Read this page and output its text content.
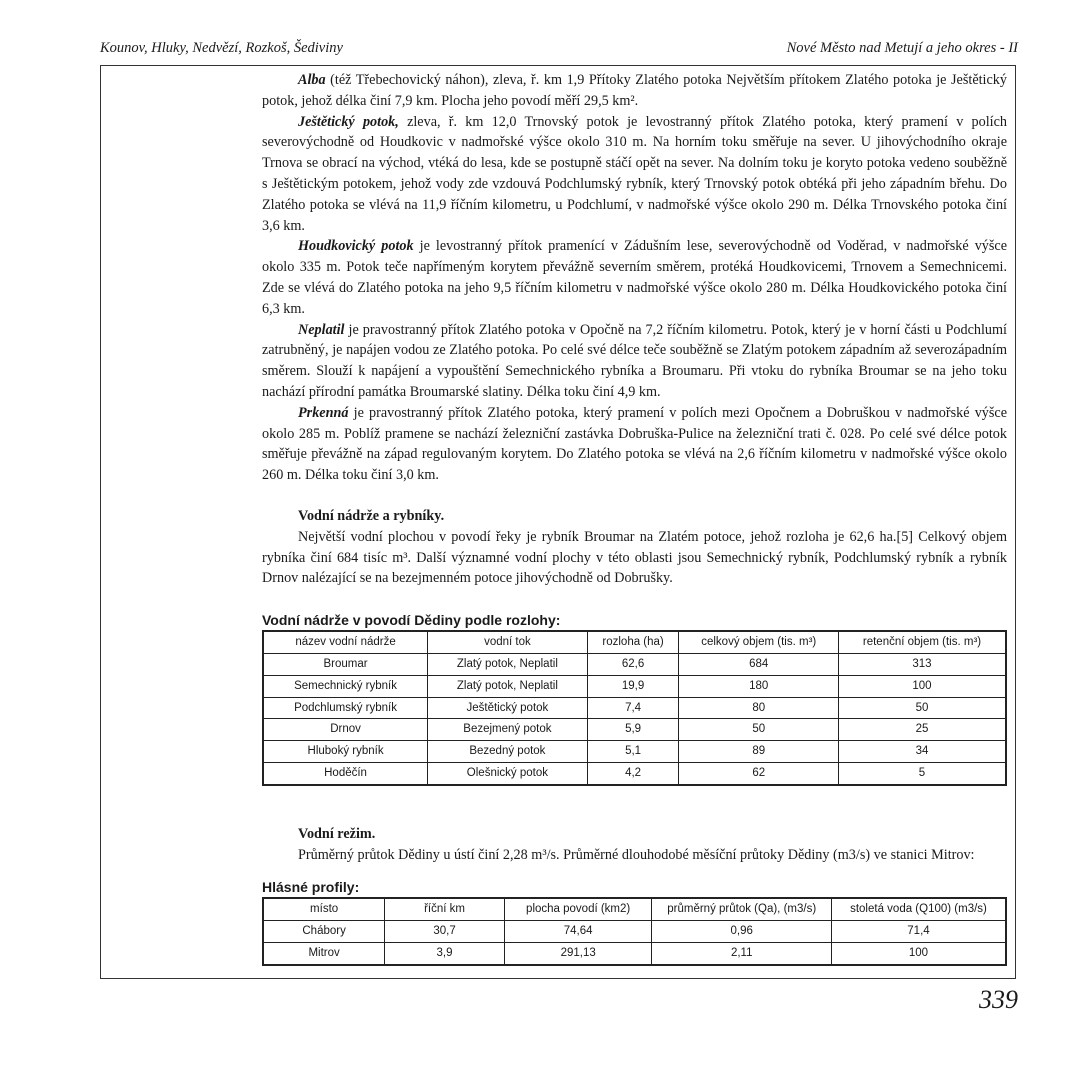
Kounov, Hluky, Nedvězí, Rozkoš, Šediviny	Nové Město nad Metují a jeho okres - II

Alba (též Třebechovický náhon), zleva, ř. km 1,9 Přítoky Zlatého potoka Největším přítokem Zlatého potoka je Ještětický potok, jehož délka činí 7,9 km. Plocha jeho povodí měří 29,5 km².

Ještětický potok, zleva, ř. km 12,0 Trnovský potok je levostranný přítok Zlatého potoka, který pramení v polích severovýchodně od Houdkovic v nadmořské výšce okolo 310 m. Na horním toku směřuje na sever. U jihovýchodního okraje Trnova se obrací na východ, vtéká do lesa, kde se postupně stáčí opět na sever. Na dolním toku je koryto potoka vedeno souběžně s Ještětickým potokem, jehož vody zde vzdouvá Podchlumský rybník, který Trnovský potok obtéká při jeho západním břehu. Do Zlatého potoka se vlévá na 11,9 říčním kilometru, u Podchlumí, v nadmořské výšce okolo 290 m. Délka Trnovského potoka činí 3,6 km.

Houdkovický potok je levostranný přítok pramenící v Zádušním lese, severovýchodně od Voděrad, v nadmořské výšce okolo 335 m. Potok teče napřímeným korytem převážně severním směrem, protéká Houdkovicemi, Trnovem a Semechnicemi. Zde se vlévá do Zlatého potoka na jeho 9,5 říčním kilometru v nadmořské výšce okolo 280 m. Délka Houdkovického potoka činí 6,3 km.

Neplatil je pravostranný přítok Zlatého potoka v Opočně na 7,2 říčním kilometru. Potok, který je v horní části u Podchlumí zatrubněný, je napájen vodou ze Zlatého potoka. Po celé své délce teče souběžně se Zlatým potokem západním až severozápadním směrem. Slouží k napájení a vypouštění Semechnického rybníka a Broumaru. Při vtoku do rybníka Broumar se na jeho toku nachází přírodní památka Broumarské slatiny. Délka toku činí 4,9 km.

Prkenná je pravostranný přítok Zlatého potoka, který pramení v polích mezi Opočnem a Dobruškou v nadmořské výšce okolo 285 m. Poblíž pramene se nachází železniční zastávka Dobruška-Pulice na železniční trati č. 028. Po celé své délce potok směřuje převážně na západ regulovaným korytem. Do Zlatého potoka se vlévá na 2,6 říčním kilometru v nadmořské výšce okolo 260 m. Délka toku činí 3,0 km.

Vodní nádrže a rybníky.

Největší vodní plochou v povodí řeky je rybník Broumar na Zlatém potoce, jehož rozloha je 62,6 ha.[5] Celkový objem rybníka činí 684 tisíc m³. Další významné vodní plochy v této oblasti jsou Semechnický rybník, Podchlumský rybník a rybník Drnov nalézající se na bezejmenném potoce jihovýchodně od Dobrušky.

Vodní nádrže v povodí Dědiny podle rozlohy:

název vodní nádrže	vodní tok	rozloha (ha)	celkový objem (tis. m³)	retenční objem (tis. m³)
Broumar	Zlatý potok, Neplatil	62,6	684	313
Semechnický rybník	Zlatý potok, Neplatil	19,9	180	100
Podchlumský rybník	Ještětický potok	7,4	80	50
Drnov	Bezejmený potok	5,9	50	25
Hluboký rybník	Bezedný potok	5,1	89	34
Hoděčín	Olešnický potok	4,2	62	5

Vodní režim.

Průměrný průtok Dědiny u ústí činí 2,28 m³/s. Průměrné dlouhodobé měsíční průtoky Dědiny (m3/s) ve stanici Mitrov:

Hlásné profily:

místo	říční km	plocha povodí (km2)	průměrný průtok (Qa), (m3/s)	stoletá voda (Q100) (m3/s)
Chábory	30,7	74,64	0,96	71,4
Mitrov	3,9	291,13	2,11	100
339
